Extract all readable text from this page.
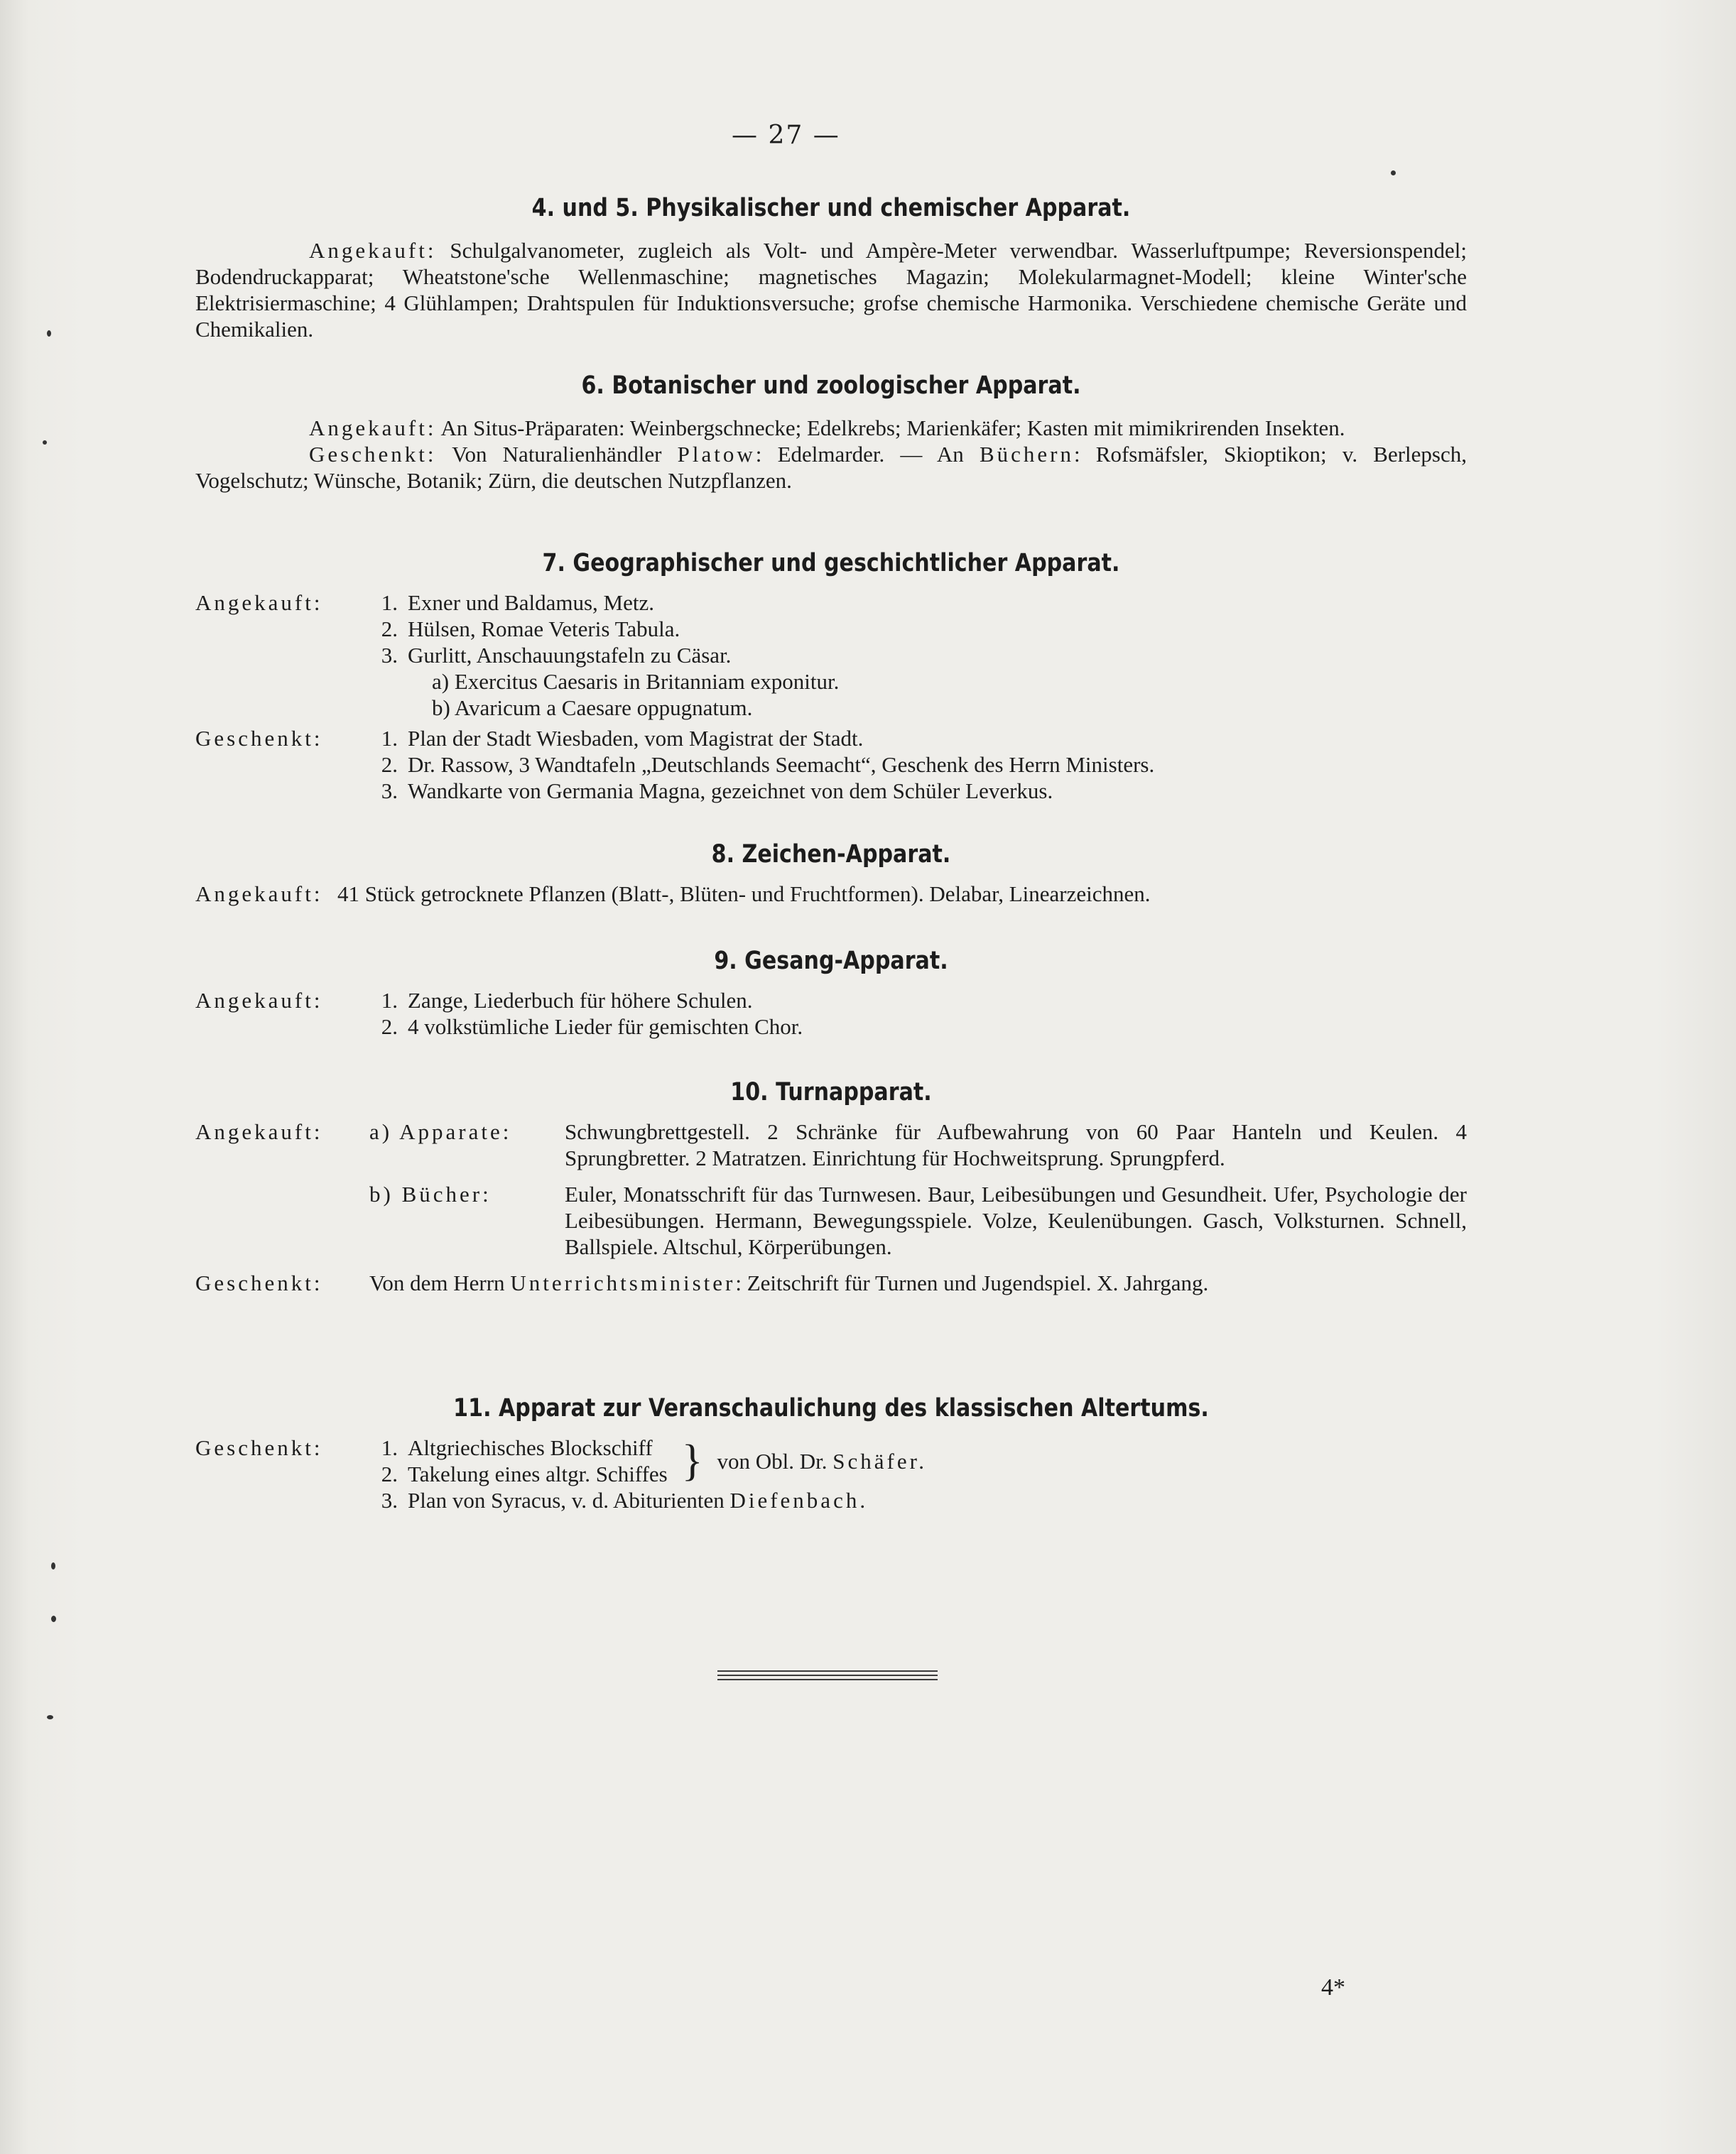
— 27 —
4. und 5. Physikalischer und chemischer Apparat.
Angekauft: Schulgalvanometer, zugleich als Volt- und Ampère-Meter verwendbar. Wasserluftpumpe; Reversionspendel; Bodendruckapparat; Wheatstone'sche Wellenmaschine; magnetisches Magazin; Molekularmagnet-Modell; kleine Winter'sche Elektrisiermaschine; 4 Glühlampen; Drahtspulen für Induktionsversuche; grofse chemische Harmonika. Verschiedene chemische Geräte und Chemikalien.
6. Botanischer und zoologischer Apparat.
Angekauft: An Situs-Präparaten: Weinbergschnecke; Edelkrebs; Marienkäfer; Kasten mit mimikrirenden Insekten.
Geschenkt: Von Naturalienhändler Platow: Edelmarder. — An Büchern: Rofsmäfsler, Skioptikon; v. Berlepsch, Vogelschutz; Wünsche, Botanik; Zürn, die deutschen Nutzpflanzen.
7. Geographischer und geschichtlicher Apparat.
Angekauft:	1.	Exner und Baldamus, Metz.
	2.	Hülsen, Romae Veteris Tabula.
	3.	Gurlitt, Anschauungstafeln zu Cäsar.
		a) Exercitus Caesaris in Britanniam exponitur.
		b) Avaricum a Caesare oppugnatum.
Geschenkt:	1.	Plan der Stadt Wiesbaden, vom Magistrat der Stadt.
	2.	Dr. Rassow, 3 Wandtafeln „Deutschlands Seemacht“, Geschenk des Herrn Ministers.
	3.	Wandkarte von Germania Magna, gezeichnet von dem Schüler Leverkus.
8. Zeichen-Apparat.
Angekauft:	41 Stück getrocknete Pflanzen (Blatt-, Blüten- und Fruchtformen). Delabar, Linearzeichnen.
9. Gesang-Apparat.
Angekauft:	1.	Zange, Liederbuch für höhere Schulen.
	2.	4 volkstümliche Lieder für gemischten Chor.
10. Turnapparat.
Angekauft:	a) Apparate:	Schwungbrettgestell. 2 Schränke für Aufbewahrung von 60 Paar Hanteln und Keulen. 4 Sprungbretter. 2 Matratzen. Einrichtung für Hochweitsprung. Sprungpferd.
	b) Bücher:	Euler, Monatsschrift für das Turnwesen. Baur, Leibesübungen und Gesundheit. Ufer, Psychologie der Leibesübungen. Hermann, Bewegungsspiele. Volze, Keulenübungen. Gasch, Volksturnen. Schnell, Ballspiele. Altschul, Körperübungen.
Geschenkt:	Von dem Herrn Unterrichtsminister: Zeitschrift für Turnen und Jugendspiel. X. Jahrgang.	
11. Apparat zur Veranschaulichung des klassischen Altertums.
Geschenkt:	1.	Altgriechisches Blockschiff	}	von Obl. Dr. Schäfer.
	2.	Takelung eines altgr. Schiffes		
	3.	Plan von Syracus, v. d. Abiturienten Diefenbach.		
4*
